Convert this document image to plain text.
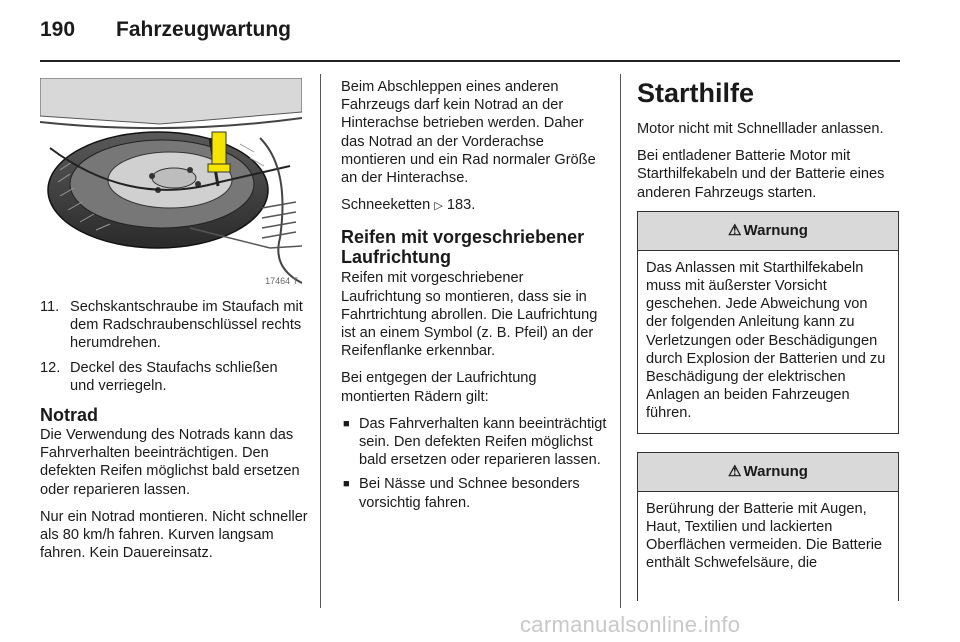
190 Fahrzeugwartung
17464 T
11. Sechskantschraube im Staufach mit dem Radschraubenschlüssel rechts herumdrehen.
12. Deckel des Staufachs schließen und verriegeln.
Notrad

Die Verwendung des Notrads kann das Fahrverhalten beeinträchtigen. Den defekten Reifen möglichst bald ersetzen oder reparieren lassen.

Nur ein Notrad montieren. Nicht schneller als 80 km/h fahren. Kurven langsam fahren. Kein Dauereinsatz.

Beim Abschleppen eines anderen Fahrzeugs darf kein Notrad an der Hinterachse betrieben werden. Daher das Notrad an der Vorderachse montieren und ein Rad normaler Größe an der Hinterachse.

Schneeketten ▷ 183.

Reifen mit vorgeschriebener Laufrichtung

Reifen mit vorgeschriebener Laufrichtung so montieren, dass sie in Fahrtrichtung abrollen. Die Laufrichtung ist an einem Symbol (z. B. Pfeil) an der Reifenflanke erkennbar.

Bei entgegen der Laufrichtung montierten Rädern gilt:

■ Das Fahrverhalten kann beeinträchtigt sein. Den defekten Reifen möglichst bald ersetzen oder reparieren lassen.
■ Bei Nässe und Schnee besonders vorsichtig fahren.
Starthilfe

Motor nicht mit Schnelllader anlassen.

Bei entladener Batterie Motor mit Starthilfekabeln und der Batterie eines anderen Fahrzeugs starten.

⚠ Warnung
Das Anlassen mit Starthilfekabeln muss mit äußerster Vorsicht geschehen. Jede Abweichung von der folgenden Anleitung kann zu Verletzungen oder Beschädigungen durch Explosion der Batterien und zu Beschädigung der elektrischen Anlagen an beiden Fahrzeugen führen.
⚠ Warnung
Berührung der Batterie mit Augen, Haut, Textilien und lackierten Oberflächen vermeiden. Die Batterie enthält Schwefelsäure, die
carmanualsonline.info
